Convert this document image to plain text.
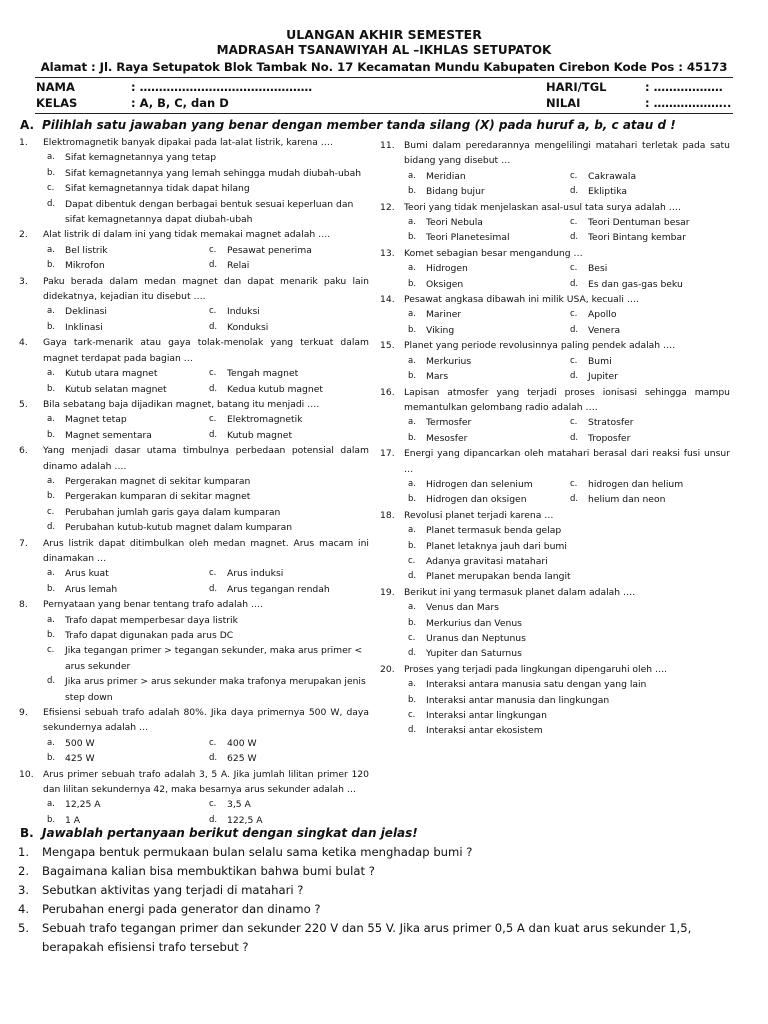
ULANGAN AKHIR SEMESTER
MADRASAH TSANAWIYAH AL –IKHLAS SETUPATOK
Alamat : Jl. Raya Setupatok Blok Tambak No. 17 Kecamatan Mundu Kabupaten Cirebon Kode Pos : 45173
NAMA	: ………………………………………
KELAS	: A, B, C, dan D
HARI/TGL	: ………………
NILAI	: ………………..
A. Pilihlah satu jawaban yang benar dengan member tanda silang (X) pada huruf a, b, c atau d !
1. Elektromagnetik banyak dipakai pada lat-alat listrik, karena ….
a. Sifat kemagnetannya yang tetap
b. Sifat kemagnetannya yang lemah sehingga mudah diubah-ubah
c. Sifat kemagnetannya tidak dapat hilang
d. Dapat dibentuk dengan berbagai bentuk sesuai keperluan dan sifat kemagnetannya dapat diubah-ubah
2. Alat listrik di dalam ini yang tidak memakai magnet adalah ….
a. Bel listrik	c. Pesawat penerima
b. Mikrofon	d. Relai
3. Paku berada dalam medan magnet dan dapat menarik paku lain didekatnya, kejadian itu disebut ….
a. Deklinasi	c. Induksi
b. Inklinasi	d. Konduksi
4. Gaya tark-menarik atau gaya tolak-menolak yang terkuat dalam magnet terdapat pada bagian …
a. Kutub utara magnet	c. Tengah magnet
b. Kutub selatan magnet	d. Kedua kutub magnet
5. Bila sebatang baja dijadikan magnet, batang itu menjadi ….
a. Magnet tetap	c. Elektromagnetik
b. Magnet sementara	d. Kutub magnet
6. Yang menjadi dasar utama timbulnya perbedaan potensial dalam dinamo adalah ….
a. Pergerakan magnet di sekitar kumparan
b. Pergerakan kumparan di sekitar magnet
c. Perubahan jumlah garis gaya dalam kumparan
d. Perubahan kutub-kutub magnet dalam kumparan
7. Arus listrik dapat ditimbulkan oleh medan magnet. Arus macam ini dinamakan …
a. Arus kuat	c. Arus induksi
b. Arus lemah	d. Arus tegangan rendah
8. Pernyataan yang benar tentang trafo adalah ….
a. Trafo dapat memperbesar daya listrik
b. Trafo dapat digunakan pada arus DC
c. Jika tegangan primer > tegangan sekunder, maka arus primer < arus sekunder
d. Jika arus primer > arus sekunder maka trafonya merupakan jenis step down
9. Efisiensi sebuah trafo adalah 80%. Jika daya primernya 500 W, daya sekundernya adalah …
a. 500 W	c. 400 W
b. 425 W	d. 625 W
10. Arus primer sebuah trafo adalah 3, 5 A. Jika jumlah lilitan primer 120 dan lilitan sekundernya 42, maka besarnya arus sekunder adalah …
a. 12,25 A	c. 3,5 A
b. 1 A	d. 122,5 A
11. Bumi dalam peredarannya mengelilingi matahari terletak pada satu bidang yang disebut …
a. Meridian	c. Cakrawala
b. Bidang bujur	d. Ekliptika
12. Teori yang tidak menjelaskan asal-usul tata surya adalah ….
a. Teori Nebula	c. Teori Dentuman besar
b. Teori Planetesimal	d. Teori Bintang kembar
13. Komet sebagian besar mengandung …
a. Hidrogen	c. Besi
b. Oksigen	d. Es dan gas-gas beku
14. Pesawat angkasa dibawah ini milik USA, kecuali ….
a. Mariner	c. Apollo
b. Viking	d. Venera
15. Planet yang periode revolusinnya paling pendek adalah ….
a. Merkurius	c. Bumi
b. Mars	d. Jupiter
16. Lapisan atmosfer yang terjadi proses ionisasi sehingga mampu memantulkan gelombang radio adalah ….
a. Termosfer	c. Stratosfer
b. Mesosfer	d. Troposfer
17. Energi yang dipancarkan oleh matahari berasal dari reaksi fusi unsur …
a. Hidrogen dan selenium	c. hidrogen dan helium
b. Hidrogen dan oksigen	d. helium dan neon
18. Revolusi planet terjadi karena …
a. Planet termasuk benda gelap
b. Planet letaknya jauh dari bumi
c. Adanya gravitasi matahari
d. Planet merupakan benda langit
19. Berikut ini yang termasuk planet dalam adalah ….
a. Venus dan Mars
b. Merkurius dan Venus
c. Uranus dan Neptunus
d. Yupiter dan Saturnus
20. Proses yang terjadi pada lingkungan dipengaruhi oleh ….
a. Interaksi antara manusia satu dengan yang lain
b. Interaksi antar manusia dan lingkungan
c. Interaksi antar lingkungan
d. Interaksi antar ekosistem
B. Jawablah pertanyaan berikut dengan singkat dan jelas!
1. Mengapa bentuk permukaan bulan selalu sama ketika menghadap bumi ?
2. Bagaimana kalian bisa membuktikan bahwa bumi bulat ?
3. Sebutkan aktivitas yang terjadi di matahari ?
4. Perubahan energi pada generator dan dinamo ?
5. Sebuah trafo tegangan primer dan sekunder 220 V dan 55 V. Jika arus primer 0,5 A dan kuat arus sekunder 1,5, berapakah efisiensi trafo tersebut ?
